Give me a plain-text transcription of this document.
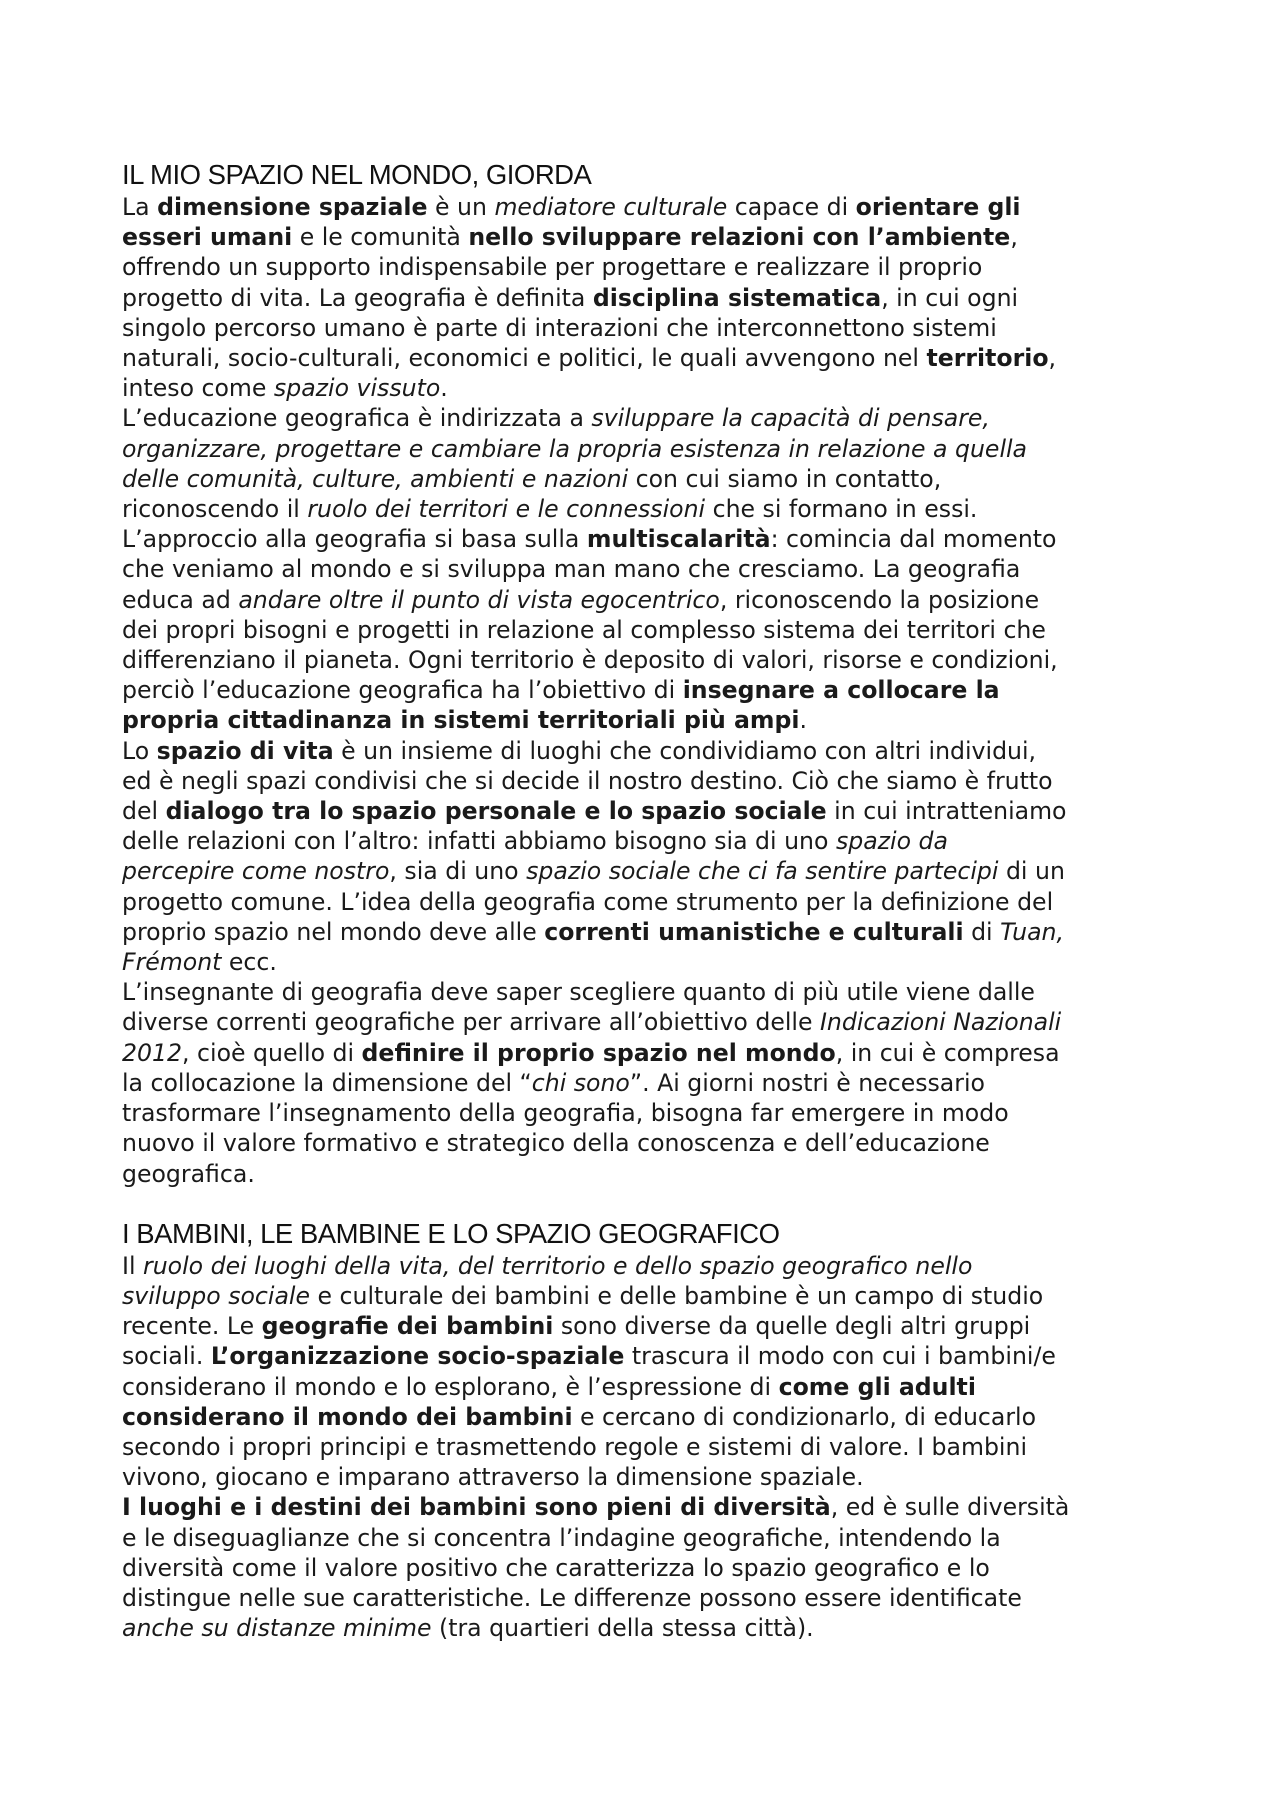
IL MIO SPAZIO NEL MONDO, GIORDA

La dimensione spaziale è un mediatore culturale capace di orientare gli
esseri umani e le comunità nello sviluppare relazioni con l’ambiente,
offrendo un supporto indispensabile per progettare e realizzare il proprio
progetto di vita. La geografia è definita disciplina sistematica, in cui ogni
singolo percorso umano è parte di interazioni che interconnettono sistemi
naturali, socio-culturali, economici e politici, le quali avvengono nel territorio,
inteso come spazio vissuto.

L’educazione geografica è indirizzata a sviluppare la capacità di pensare,
organizzare, progettare e cambiare la propria esistenza in relazione a quella
delle comunità, culture, ambienti e nazioni con cui siamo in contatto,
riconoscendo il ruolo dei territori e le connessioni che si formano in essi.

L’approccio alla geografia si basa sulla multiscalarità: comincia dal momento
che veniamo al mondo e si sviluppa man mano che cresciamo. La geografia
educa ad andare oltre il punto di vista egocentrico, riconoscendo la posizione
dei propri bisogni e progetti in relazione al complesso sistema dei territori che
differenziano il pianeta. Ogni territorio è deposito di valori, risorse e condizioni,
perciò l’educazione geografica ha l’obiettivo di insegnare a collocare la
propria cittadinanza in sistemi territoriali più ampi.

Lo spazio di vita è un insieme di luoghi che condividiamo con altri individui,
ed è negli spazi condivisi che si decide il nostro destino. Ciò che siamo è frutto
del dialogo tra lo spazio personale e lo spazio sociale in cui intratteniamo
delle relazioni con l’altro: infatti abbiamo bisogno sia di uno spazio da
percepire come nostro, sia di uno spazio sociale che ci fa sentire partecipi di un
progetto comune. L’idea della geografia come strumento per la definizione del
proprio spazio nel mondo deve alle correnti umanistiche e culturali di Tuan,
Frémont ecc.

L’insegnante di geografia deve saper scegliere quanto di più utile viene dalle
diverse correnti geografiche per arrivare all’obiettivo delle Indicazioni Nazionali
2012, cioè quello di definire il proprio spazio nel mondo, in cui è compresa
la collocazione la dimensione del “chi sono”. Ai giorni nostri è necessario
trasformare l’insegnamento della geografia, bisogna far emergere in modo
nuovo il valore formativo e strategico della conoscenza e dell’educazione
geografica.

I BAMBINI, LE BAMBINE E LO SPAZIO GEOGRAFICO

Il ruolo dei luoghi della vita, del territorio e dello spazio geografico nello
sviluppo sociale e culturale dei bambini e delle bambine è un campo di studio
recente. Le geografie dei bambini sono diverse da quelle degli altri gruppi
sociali. L’organizzazione socio-spaziale trascura il modo con cui i bambini/e
considerano il mondo e lo esplorano, è l’espressione di come gli adulti
considerano il mondo dei bambini e cercano di condizionarlo, di educarlo
secondo i propri principi e trasmettendo regole e sistemi di valore. I bambini
vivono, giocano e imparano attraverso la dimensione spaziale.

I luoghi e i destini dei bambini sono pieni di diversità, ed è sulle diversità
e le diseguaglianze che si concentra l’indagine geografiche, intendendo la
diversità come il valore positivo che caratterizza lo spazio geografico e lo
distingue nelle sue caratteristiche. Le differenze possono essere identificate
anche su distanze minime (tra quartieri della stessa città).
